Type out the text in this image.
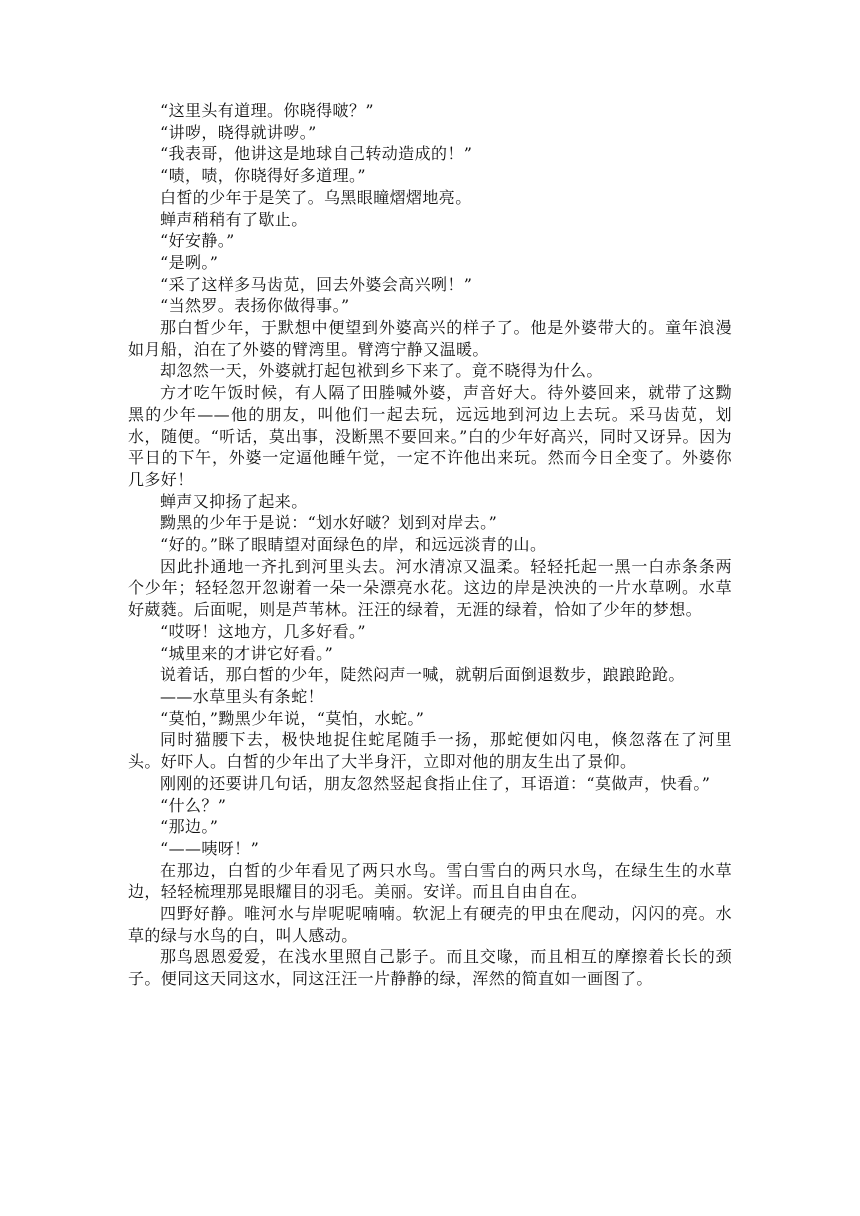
“这里头有道理。你晓得啵？”

“讲哕，晓得就讲哕。”

“我表哥，他讲这是地球自己转动造成的！”

“啧，啧，你晓得好多道理。”

白皙的少年于是笑了。乌黑眼瞳熠熠地亮。

蝉声稍稍有了歇止。

“好安静。”

“是咧。”

“采了这样多马齿苋，回去外婆会高兴咧！”

“当然罗。表扬你做得事。”

那白皙少年，于默想中便望到外婆高兴的样子了。他是外婆带大的。童年浪漫如月船，泊在了外婆的臂湾里。臂湾宁静又温暖。

却忽然一天，外婆就打起包袱到乡下来了。竟不晓得为什么。

方才吃午饭时候，有人隔了田塍喊外婆，声音好大。待外婆回来，就带了这黝黑的少年——他的朋友，叫他们一起去玩，远远地到河边上去玩。采马齿苋，划水，随便。“听话，莫出事，没断黑不要回来。”白的少年好高兴，同时又讶异。因为平日的下午，外婆一定逼他睡午觉，一定不许他出来玩。然而今日全变了。外婆你几多好！

蝉声又抑扬了起来。

黝黑的少年于是说：“划水好啵？划到对岸去。”

“好的。”眯了眼睛望对面绿色的岸，和远远淡青的山。

因此扑通地一齐扎到河里头去。河水清凉又温柔。轻轻托起一黑一白赤条条两个少年；轻轻忽开忽谢着一朵一朵漂亮水花。这边的岸是泱泱的一片水草咧。水草好葳蕤。后面呢，则是芦苇林。汪汪的绿着，无涯的绿着，恰如了少年的梦想。

“哎呀！这地方，几多好看。”

“城里来的才讲它好看。”

说着话，那白皙的少年，陡然闷声一喊，就朝后面倒退数步，踉踉跄跄。

——水草里头有条蛇！

“莫怕，”黝黑少年说，“莫怕，水蛇。”

同时猫腰下去，极快地捉住蛇尾随手一扬，那蛇便如闪电，倏忽落在了河里头。好吓人。白皙的少年出了大半身汗，立即对他的朋友生出了景仰。

刚刚的还要讲几句话，朋友忽然竖起食指止住了，耳语道：“莫做声，快看。”

“什么？”

“那边。”

“——咦呀！”

在那边，白皙的少年看见了两只水鸟。雪白雪白的两只水鸟，在绿生生的水草边，轻轻梳理那晃眼耀目的羽毛。美丽。安详。而且自由自在。

四野好静。唯河水与岸呢呢喃喃。软泥上有硬壳的甲虫在爬动，闪闪的亮。水草的绿与水鸟的白，叫人感动。

那鸟恩恩爱爱，在浅水里照自己影子。而且交喙，而且相互的摩擦着长长的颈子。便同这天同这水，同这汪汪一片静静的绿，浑然的简直如一画图了。
